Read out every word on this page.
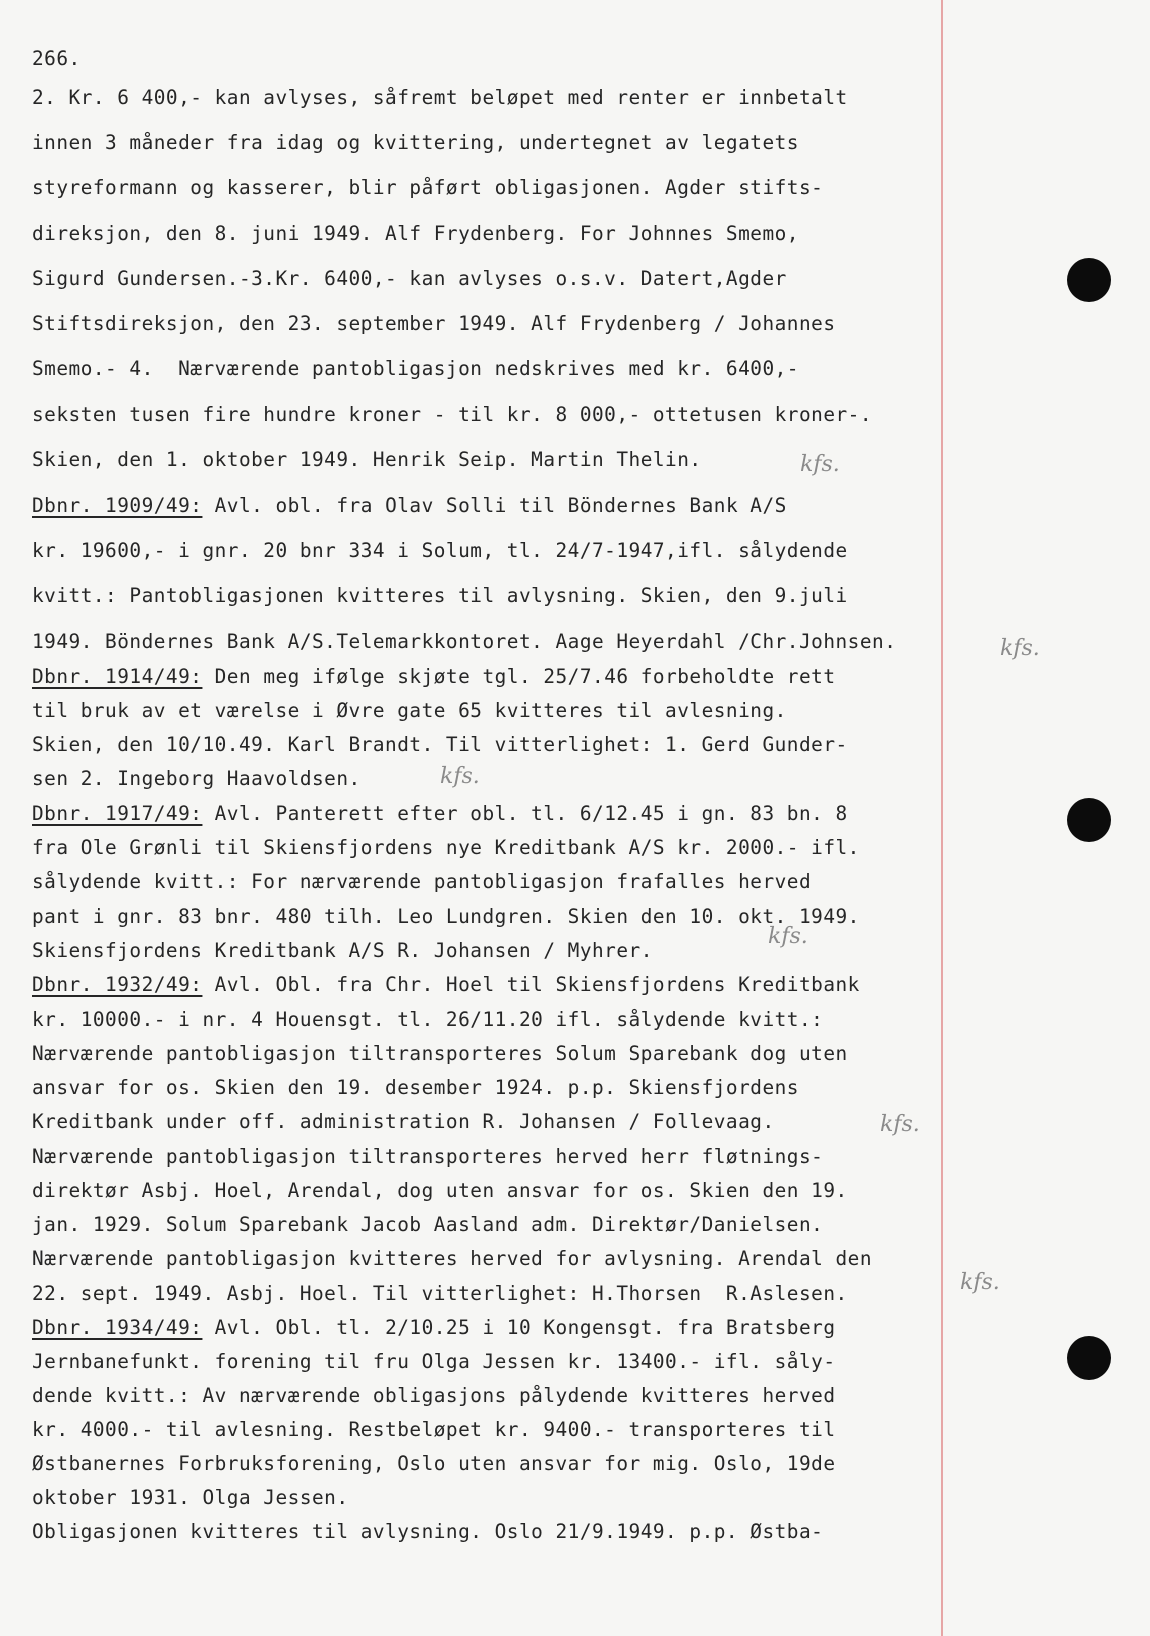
266.
2. Kr. 6 400,- kan avlyses, såfremt beløpet med renter er innbetalt
innen 3 måneder fra idag og kvittering, undertegnet av legatets
styreformann og kasserer, blir påført obligasjonen. Agder stifts-
direksjon, den 8. juni 1949. Alf Frydenberg. For Johnnes Smemo,
Sigurd Gundersen.-3.Kr. 6400,- kan avlyses o.s.v. Datert,Agder
Stiftsdireksjon, den 23. september 1949. Alf Frydenberg / Johannes
Smemo.- 4.  Nærværende pantobligasjon nedskrives med kr. 6400,-
seksten tusen fire hundre kroner - til kr. 8 000,- ottetusen kroner-.
Skien, den 1. oktober 1949. Henrik Seip. Martin Thelin.
Dbnr. 1909/49: Avl. obl. fra Olav Solli til Böndernes Bank A/S
kr. 19600,- i gnr. 20 bnr 334 i Solum, tl. 24/7-1947,ifl. sålydende
kvitt.: Pantobligasjonen kvitteres til avlysning. Skien, den 9.juli
1949. Böndernes Bank A/S.Telemarkkontoret. Aage Heyerdahl /Chr.Johnsen.
Dbnr. 1914/49: Den meg ifølge skjøte tgl. 25/7.46 forbeholdte rett
til bruk av et værelse i Øvre gate 65 kvitteres til avlesning.
Skien, den 10/10.49. Karl Brandt. Til vitterlighet: 1. Gerd Gunder-
sen 2. Ingeborg Haavoldsen.
Dbnr. 1917/49: Avl. Panterett efter obl. tl. 6/12.45 i gn. 83 bn. 8
fra Ole Grønli til Skiensfjordens nye Kreditbank A/S kr. 2000.- ifl.
sålydende kvitt.: For nærværende pantobligasjon frafalles herved
pant i gnr. 83 bnr. 480 tilh. Leo Lundgren. Skien den 10. okt. 1949.
Skiensfjordens Kreditbank A/S R. Johansen / Myhrer.
Dbnr. 1932/49: Avl. Obl. fra Chr. Hoel til Skiensfjordens Kreditbank
kr. 10000.- i nr. 4 Houensgt. tl. 26/11.20 ifl. sålydende kvitt.:
Nærværende pantobligasjon tiltransporteres Solum Sparebank dog uten
ansvar for os. Skien den 19. desember 1924. p.p. Skiensfjordens
Kreditbank under off. administration R. Johansen / Follevaag.
Nærværende pantobligasjon tiltransporteres herved herr fløtnings-
direktør Asbj. Hoel, Arendal, dog uten ansvar for os. Skien den 19.
jan. 1929. Solum Sparebank Jacob Aasland adm. Direktør/Danielsen.
Nærværende pantobligasjon kvitteres herved for avlysning. Arendal den
22. sept. 1949. Asbj. Hoel. Til vitterlighet: H.Thorsen  R.Aslesen.
Dbnr. 1934/49: Avl. Obl. tl. 2/10.25 i 10 Kongensgt. fra Bratsberg
Jernbanefunkt. forening til fru Olga Jessen kr. 13400.- ifl. såly-
dende kvitt.: Av nærværende obligasjons pålydende kvitteres herved
kr. 4000.- til avlesning. Restbeløpet kr. 9400.- transporteres til
Østbanernes Forbruksforening, Oslo uten ansvar for mig. Oslo, 19de
oktober 1931. Olga Jessen.
Obligasjonen kvitteres til avlysning. Oslo 21/9.1949. p.p. Østba-
kfs.
kfs.
kfs.
kfs.
kfs.
kfs.
